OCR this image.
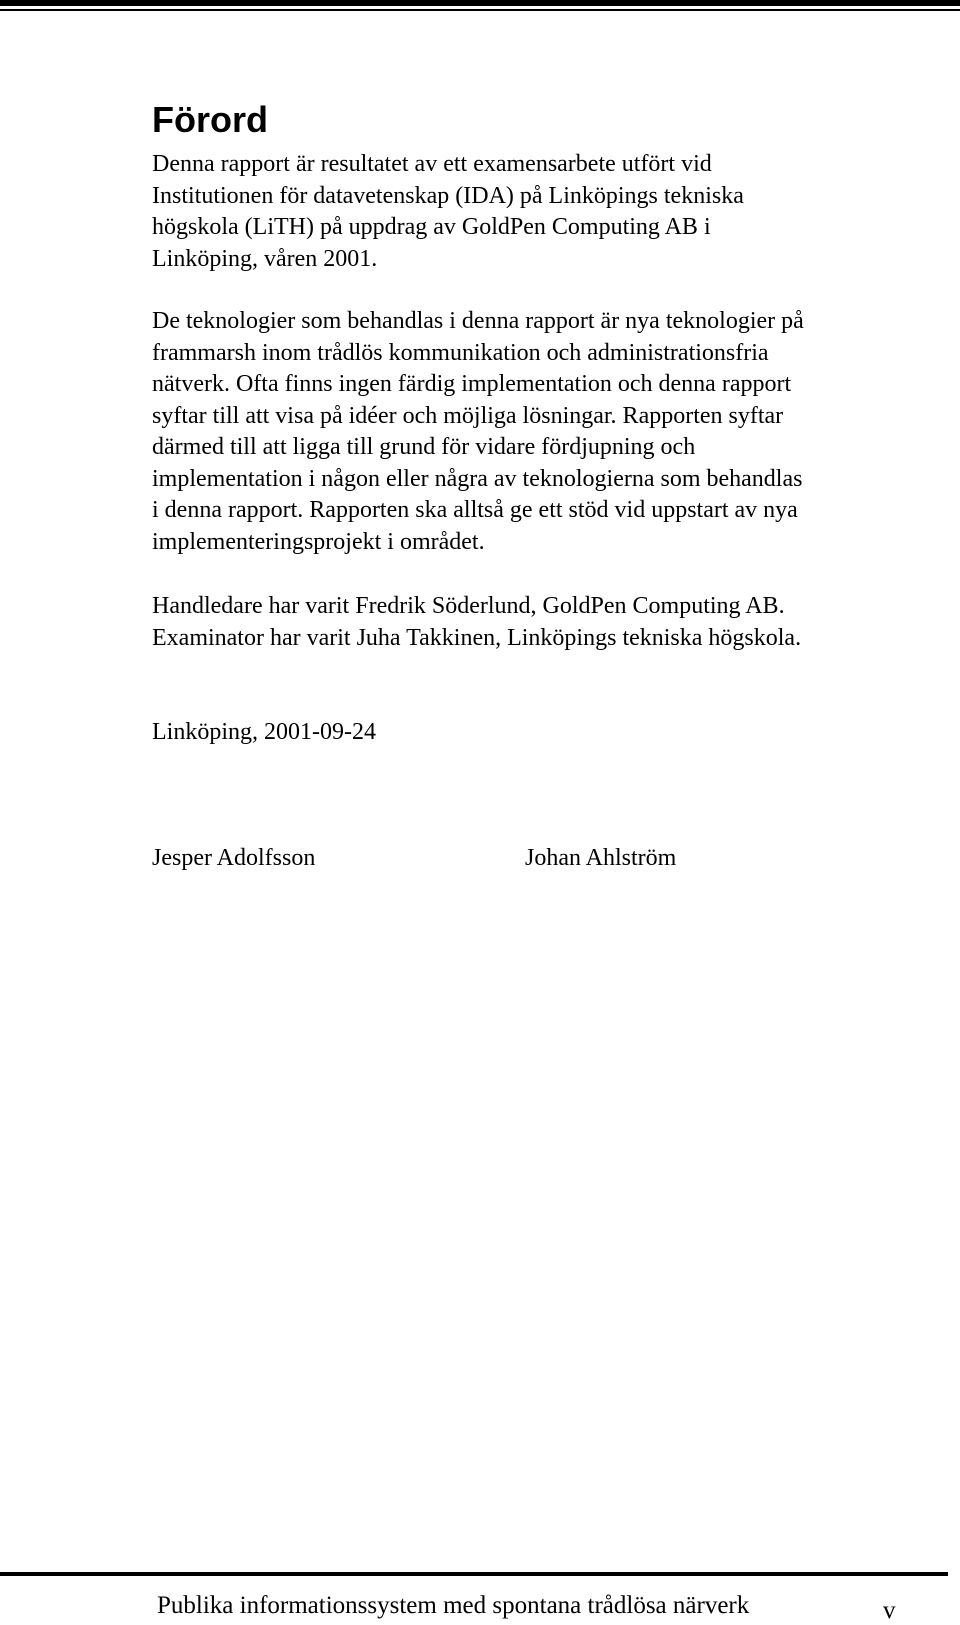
Förord

Denna rapport är resultatet av ett examensarbete utfört vid
Institutionen för datavetenskap (IDA) på Linköpings tekniska
högskola (LiTH) på uppdrag av GoldPen Computing AB i
Linköping, våren 2001.

De teknologier som behandlas i denna rapport är nya teknologier på
frammarsh inom trådlös kommunikation och administrationsfria
nätverk. Ofta finns ingen färdig implementation och denna rapport
syftar till att visa på idéer och möjliga lösningar. Rapporten syftar
därmed till att ligga till grund för vidare fördjupning och
implementation i någon eller några av teknologierna som behandlas
i denna rapport. Rapporten ska alltså ge ett stöd vid uppstart av nya
implementeringsprojekt i området.

Handledare har varit Fredrik Söderlund, GoldPen Computing AB.
Examinator har varit Juha Takkinen, Linköpings tekniska högskola.

Linköping, 2001-09-24

Jesper Adolfsson	Johan Ahlström

Publika informationssystem med spontana trådlösa närverk	v
